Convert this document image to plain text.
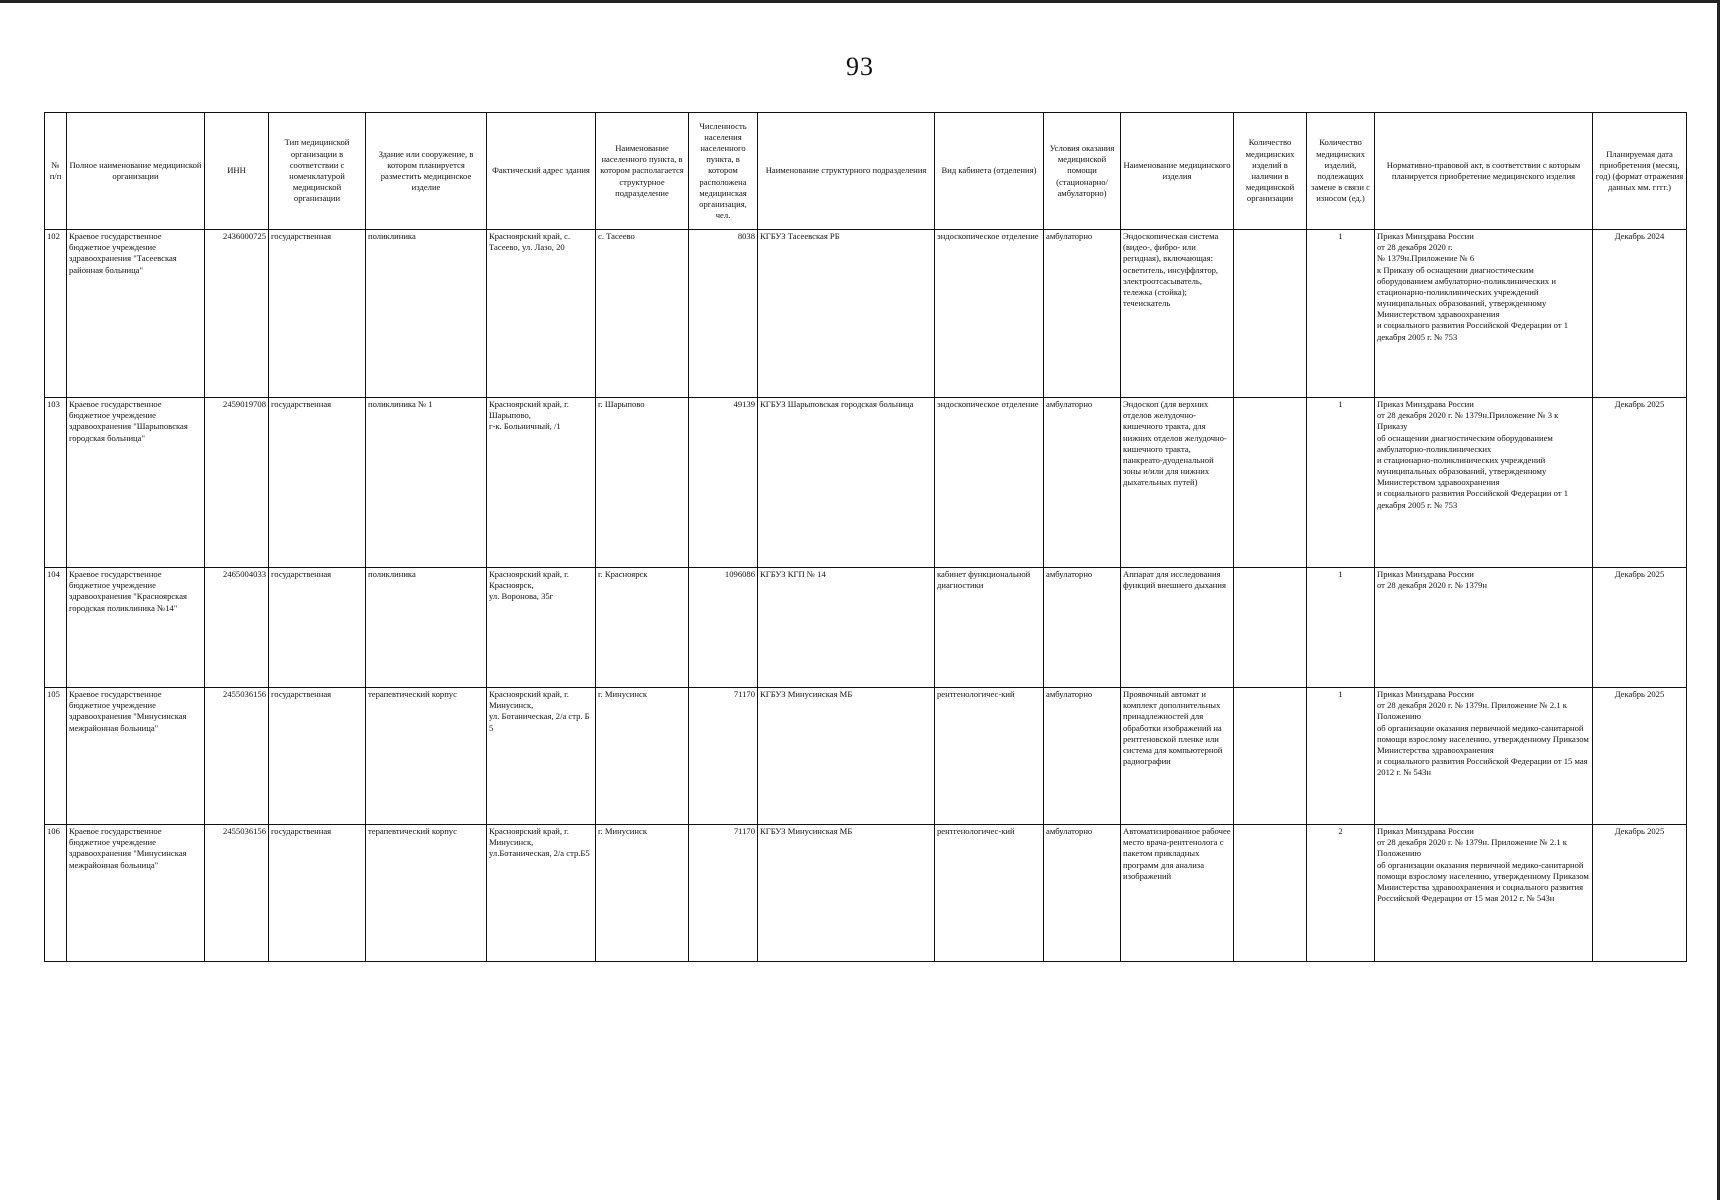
93
№
п/п	Полное наименование медицинской организации	ИНН	Тип медицинской организации в соответствии с номенклатурой медицинской организации	Здание или сооружение, в котором планируется разместить медицинское изделие	Фактический адрес здания	Наименование населенного пункта, в котором располагается структурное подразделение	Численность населения населенного пункта, в котором расположена медицинская организация, чел.	Наименование структурного подразделения	Вид кабинета (отделения)	Условия оказания медицинской помощи (стационарно/ амбулаторно)	Наименование медицинского изделия	Количество медицинских изделий в наличии в медицинской организации	Количество медицинских изделий, подлежащих замене в связи с износом (ед.)	Нормативно-правовой акт, в соответствии с которым планируется приобретение медицинского изделия	Планируемая дата приобретения (месяц, год) (формат отражения данных мм. гггг.)
102	Краевое государственное бюджетное учреждение здравоохранения "Тасеевская районная больница"	2436000725	государственная	поликлиника	Красноярский край, с. Тасеево, ул. Лазо, 20	с. Тасеево	8038	КГБУЗ Тасеевская РБ	эндоскопическое отделение	амбулаторно	Эндоскопическая система (видео-, фибро- или регидная), включающая: осветитель, инсуффлятор, электроотсасыватель, тележка (стойка); течеискатель		1	Приказ Минздрава России
от 28 декабря 2020 г.
№ 1379н.Приложение № 6
к Приказу об оснащении диагностическим оборудованием амбулаторно-поликлинических и стационарно-поликлинических учреждений муниципальных образований, утвержденному Министерством здравоохранения
и социального развития Российской Федерации от 1 декабря 2005 г. № 753	Декабрь 2024
103	Краевое государственное бюджетное учреждение здравоохранения "Шарыповская городская больница"	2459019708	государственная	поликлиника № 1	Красноярский край, г. Шарыпово,
г-к. Больничный, /1	г. Шарыпово	49139	КГБУЗ Шарыповская городская больница	эндоскопическое отделение	амбулаторно	Эндоскоп (для верхних отделов желудочно-кишечного тракта, для нижних отделов желудочно-кишечного тракта, панкреато-дуоденальной зоны и/или для нижних дыхательных путей)		1	Приказ Минздрава России
от 28 декабря 2020 г. № 1379н.Приложение № 3 к Приказу
об оснащении диагностическим оборудованием амбулаторно-поликлинических
и стационарно-поликлинических учреждений муниципальных образований, утвержденному Министерством здравоохранения
и социального развития Российской Федерации от 1 декабря 2005 г. № 753	Декабрь 2025
104	Краевое государственное бюджетное учреждение здравоохранения "Красноярская городская поликлиника №14"	2465004033	государственная	поликлиника	Красноярский край, г. Красноярск,
ул. Воронова, 35г	г. Красноярск	1096086	КГБУЗ КГП № 14	кабинет функциональной диагностики	амбулаторно	Аппарат для исследования функций внешнего дыхания		1	Приказ Минздрава России
от 28 декабря 2020 г. № 1379н	Декабрь 2025
105	Краевое государственное бюджетное учреждение здравоохранения "Минусинская межрайонная больница"	2455036156	государственная	терапевтический корпус	Красноярский край, г. Минусинск,
ул. Ботаническая, 2/а стр. Б 5	г. Минусинск	71170	КГБУЗ Минусинская МБ	рентгенологичес-кий	амбулаторно	Проявочный автомат и комплект дополнительных принадлежностей для обработки изображений на рентгеновской пленке или система для компьютерной радиографии		1	Приказ Минздрава России
от 28 декабря 2020 г. № 1379н. Приложение № 2.1 к Положению
об организации оказания первичной медико-санитарной помощи взрослому населению, утвержденному Приказом Министерства здравоохранения
и социального развития Российской Федерации от 15 мая 2012 г. № 543н	Декабрь 2025
106	Краевое государственное бюджетное учреждение здравоохранения "Минусинская межрайонная больница"	2455036156	государственная	терапевтический корпус	Красноярский край, г. Минусинск,
ул.Ботаническая, 2/а стр.Б5	г. Минусинск	71170	КГБУЗ Минусинская МБ	рентгенологичес-кий	амбулаторно	Автоматизированное рабочее место врача-рентгенолога с пакетом прикладных программ для анализа изображений		2	Приказ Минздрава России
от 28 декабря 2020 г. № 1379н. Приложение № 2.1 к Положению
об организации оказания первичной медико-санитарной помощи взрослому населению, утвержденному Приказом Министерства здравоохранения и социального развития Российской Федерации от 15 мая 2012 г. № 543н	Декабрь 2025
